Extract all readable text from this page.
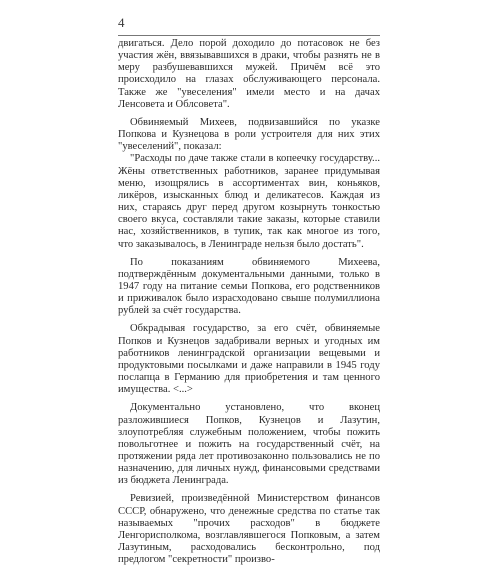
4

двигаться. Дело порой доходило до потасовок не без участия жён, ввязывавшихся в драки, чтобы разнять не в меру разбушевавшихся мужей. Причём всё это происходило на глазах обслуживающего персонала. Также же "увеселения" имели место и на дачах Ленсовета и Облсовета".

Обвиняемый Михеев, подвизавшийся по указке Попкова и Кузнецова в роли устроителя для них этих "увеселений", показал:

"Расходы по даче также стали в копеечку государству... Жёны ответственных работников, заранее придумывая меню, изощрялись в ассортиментах вин, коньяков, ликёров, изысканных блюд и деликатесов. Каждая из них, стараясь друг перед другом козырнуть тонкостью своего вкуса, составляли такие заказы, которые ставили нас, хозяйственников, в тупик, так как многое из того, что заказывалось, в Ленинграде нельзя было достать".

По показаниям обвиняемого Михеева, подтверждённым документальными данными, только в 1947 году на питание семьи Попкова, его родственников и приживалок было израсходовано свыше полумиллиона рублей за счёт государства.

Обкрадывая государство, за его счёт, обвиняемые Попков и Кузнецов задабривали верных и угодных им работников ленинградской организации вещевыми и продуктовыми посылками и даже направили в 1945 году послапца в Германию для приобретения и там ценного имущества. <...>

Документально установлено, что вконец разложившиеся Попков, Кузнецов и Лазутин, злоупотребляя служебным положением, чтобы пожить повольготнее и пожить на государственный счёт, на протяжении ряда лет противозаконно пользовались не по назначению, для личных нужд, финансовыми средствами из бюджета Ленинграда.

Ревизией, произведённой Министерством финансов СССР, обнаружено, что денежные средства по статье так называемых "прочих расходов" в бюджете Ленгорисполкома, возглавлявшегося Попковым, а затем Лазутиным, расходовались бесконтрольно, под предлогом "секретности" произво-
